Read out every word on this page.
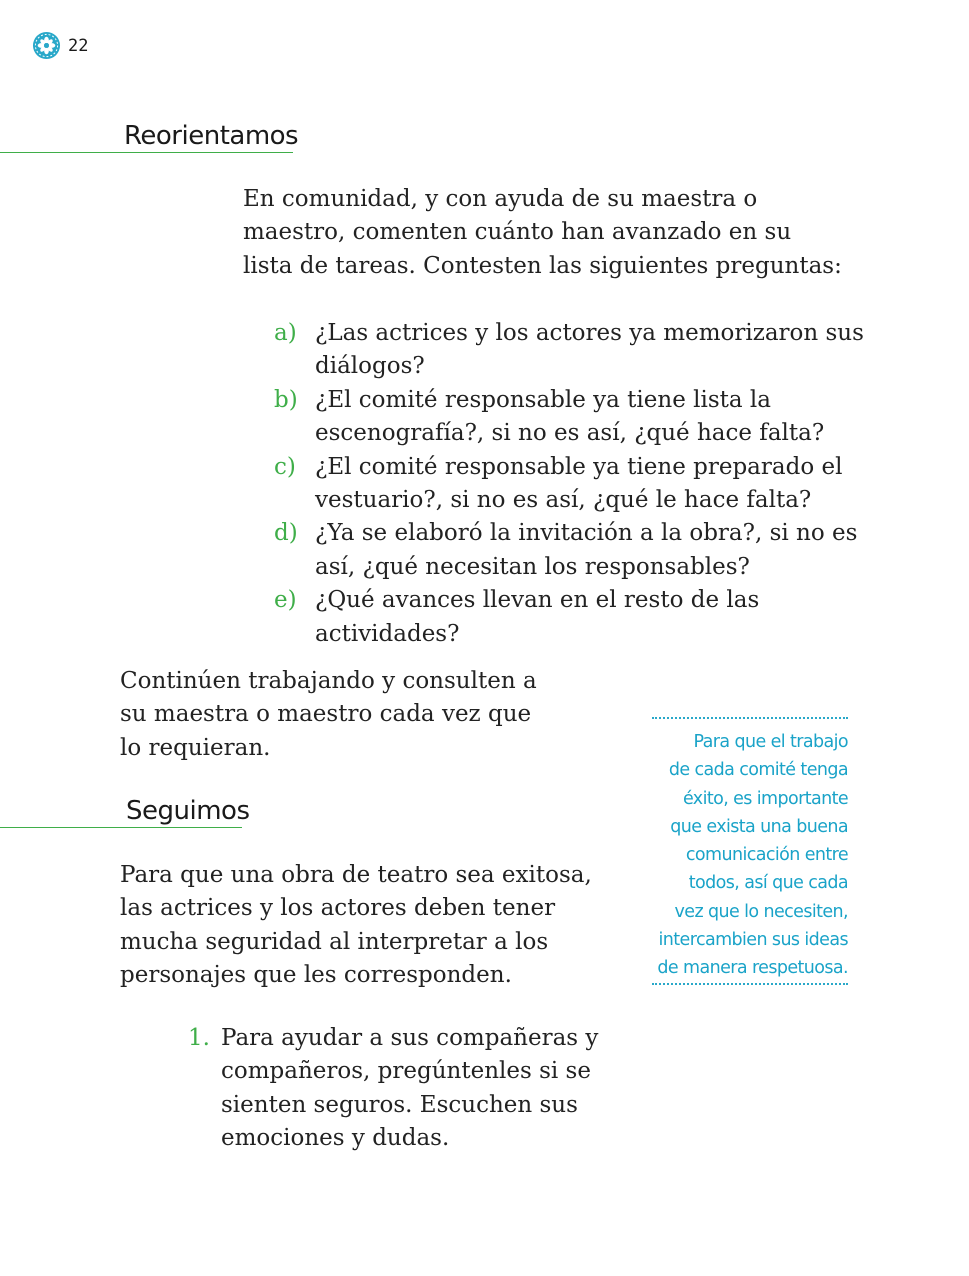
22
Reorientamos
En comunidad, y con ayuda de su maestra o maestro, comenten cuánto han avanzado en su lista de tareas. Contesten las siguientes preguntas:
a) ¿Las actrices y los actores ya memorizaron sus diálogos?
b) ¿El comité responsable ya tiene lista la escenografía?, si no es así, ¿qué hace falta?
c) ¿El comité responsable ya tiene preparado el vestuario?, si no es así, ¿qué le hace falta?
d) ¿Ya se elaboró la invitación a la obra?, si no es así, ¿qué necesitan los responsables?
e) ¿Qué avances llevan en el resto de las actividades?
Continúen trabajando y consulten a su maestra o maestro cada vez que lo requieran.
Seguimos
Para que una obra de teatro sea exitosa, las actrices y los actores deben tener mucha seguridad al interpretar a los personajes que les corresponden.
1. Para ayudar a sus compañeras y compañeros, pregúntenles si se sienten seguros. Escuchen sus emociones y dudas.
Para que el trabajo
de cada comité tenga
éxito, es importante
que exista una buena
comunicación entre
todos, así que cada
vez que lo necesiten,
intercambien sus ideas
de manera respetuosa.
